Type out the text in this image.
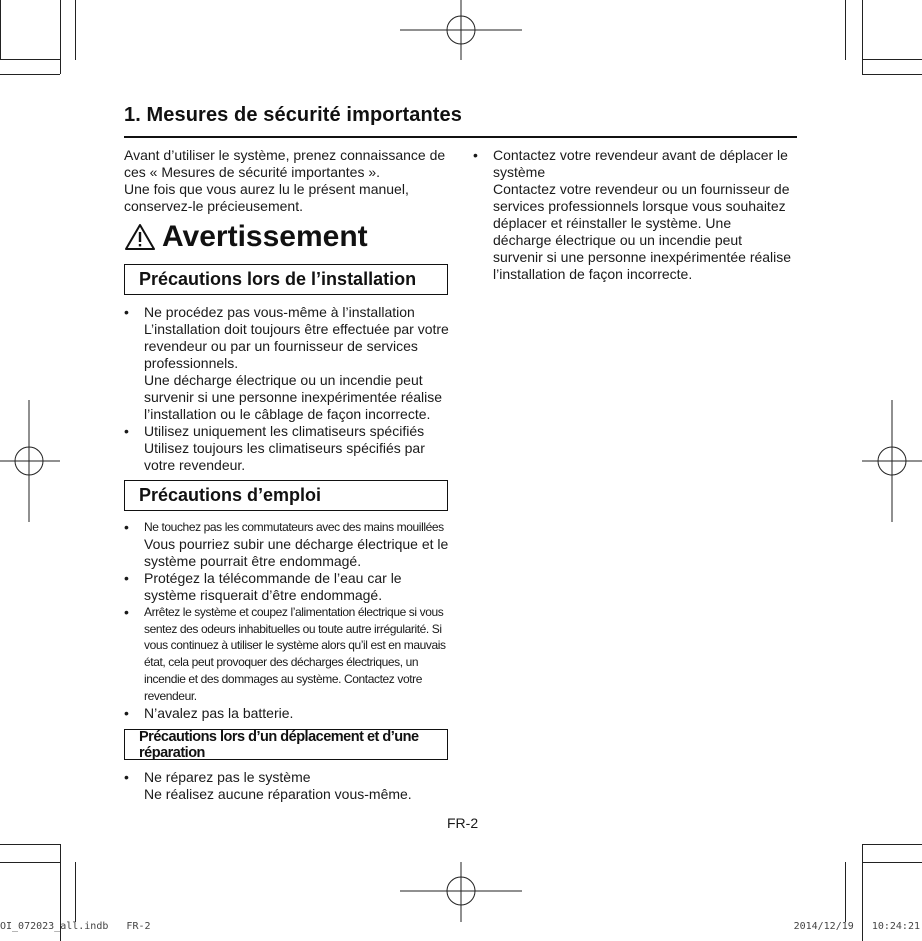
1. Mesures de sécurité importantes
Avant d’utiliser le système, prenez connaissance de ces « Mesures de sécurité importantes ».
Une fois que vous aurez lu le présent manuel, conservez-le précieusement.
Avertissement
Précautions lors de l’installation
• Ne procédez pas vous-même à l’installation
L’installation doit toujours être effectuée par votre revendeur ou par un fournisseur de services professionnels.
Une décharge électrique ou un incendie peut survenir si une personne inexpérimentée réalise l’installation ou le câblage de façon incorrecte.
• Utilisez uniquement les climatiseurs spécifiés
Utilisez toujours les climatiseurs spécifiés par votre revendeur.
Précautions d’emploi
• Ne touchez pas les commutateurs avec des mains mouillées
Vous pourriez subir une décharge électrique et le système pourrait être endommagé.
• Protégez la télécommande de l’eau car le système risquerait d’être endommagé.
• Arrêtez le système et coupez l’alimentation électrique si vous sentez des odeurs inhabituelles ou toute autre irrégularité. Si vous continuez à utiliser le système alors qu’il est en mauvais état, cela peut provoquer des décharges électriques, un incendie et des dommages au système. Contactez votre revendeur.
• N’avalez pas la batterie.
Précautions lors d’un déplacement et d’une réparation
• Ne réparez pas le système
Ne réalisez aucune réparation vous-même.
• Contactez votre revendeur avant de déplacer le système
Contactez votre revendeur ou un fournisseur de services professionnels lorsque vous souhaitez déplacer et réinstaller le système. Une décharge électrique ou un incendie peut survenir si une personne inexpérimentée réalise l’installation de façon incorrecte.
FR-2
OI_072023_all.indb   FR-2	2014/12/19   10:24:21
